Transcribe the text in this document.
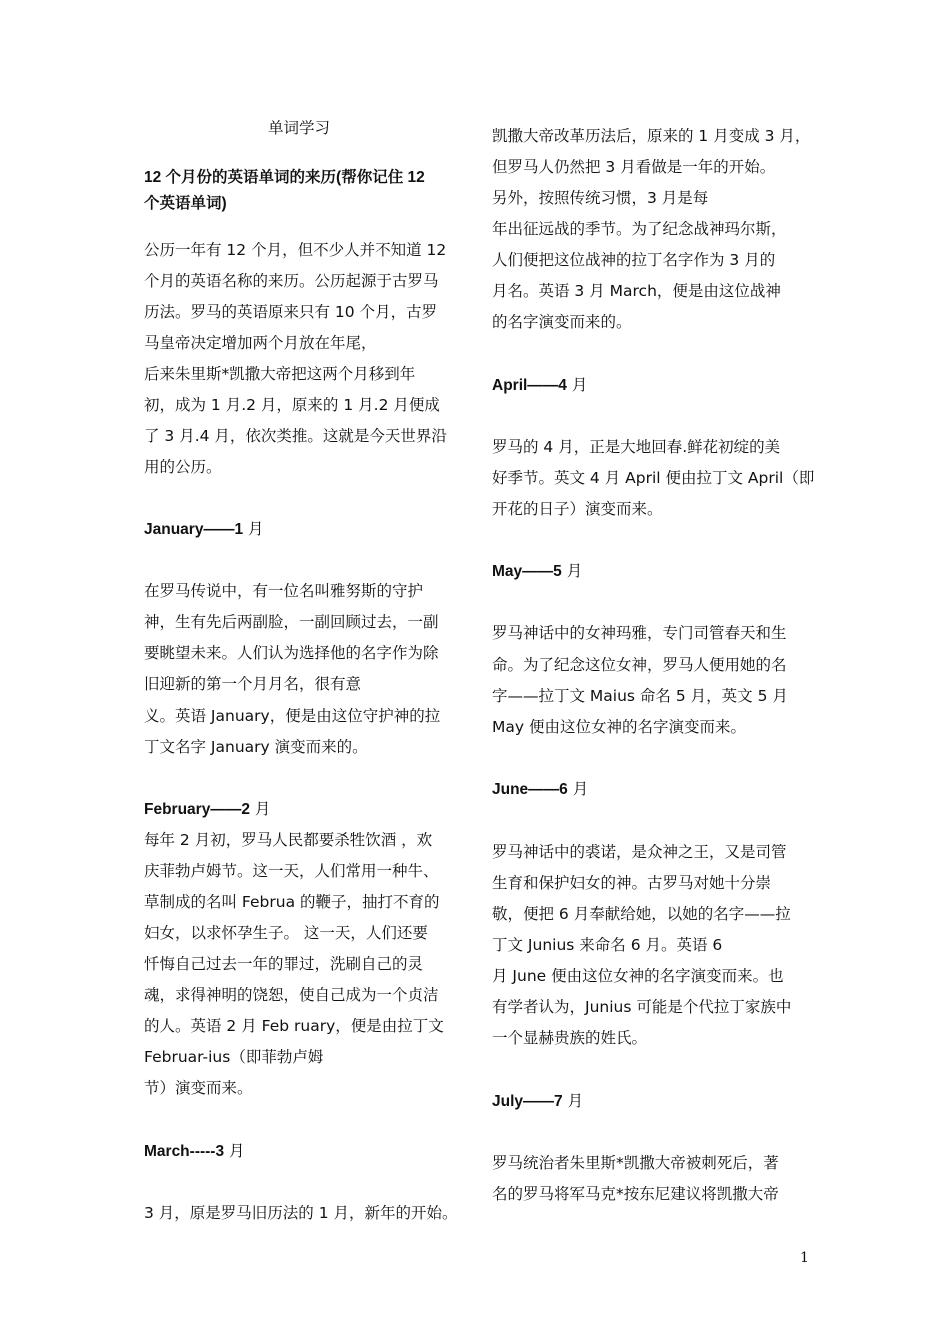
单词学习
12 个月份的英语单词的来历(帮你记住 12
个英语单词)
公历一年有 12 个月，但不少人并不知道 12
个月的英语名称的来历。公历起源于古罗马
历法。罗马的英语原来只有 10 个月，古罗
马皇帝决定增加两个月放在年尾，
后来朱里斯*凯撒大帝把这两个月移到年
初，成为 1 月.2 月，原来的 1 月.2 月便成
了 3 月.4 月，依次类推。这就是今天世界沿
用的公历。
January——1 月
在罗马传说中，有一位名叫雅努斯的守护
神，生有先后两副脸，一副回顾过去，一副
要眺望未来。人们认为选择他的名字作为除
旧迎新的第一个月月名，很有意
义。英语 January，便是由这位守护神的拉
丁文名字 January 演变而来的。
February——2 月
每年 2 月初，罗马人民都要杀牲饮酒 ，欢
庆菲勃卢姆节。这一天，人们常用一种牛、
草制成的名叫 Februa 的鞭子，抽打不育的
妇女，以求怀孕生子。 这一天，人们还要
忏悔自己过去一年的罪过，洗刷自己的灵
魂，求得神明的饶恕，使自己成为一个贞洁
的人。英语 2 月 Feb ruary，便是由拉丁文
Februar-ius（即菲勃卢姆
节）演变而来。
March-----3 月
3 月，原是罗马旧历法的 1 月，新年的开始。
凯撒大帝改革历法后，原来的 1 月变成 3 月，
但罗马人仍然把 3 月看做是一年的开始。
另外，按照传统习惯，3 月是每
年出征远战的季节。为了纪念战神玛尔斯，
人们便把这位战神的拉丁名字作为 3 月的
月名。英语 3 月 March，便是由这位战神
的名字演变而来的。
April——4 月
罗马的 4 月，正是大地回春.鲜花初绽的美
好季节。英文 4 月 April 便由拉丁文 April（即
开花的日子）演变而来。
May——5 月
罗马神话中的女神玛雅，专门司管春天和生
命。为了纪念这位女神，罗马人便用她的名
字——拉丁文 Maius 命名 5 月，英文 5 月
May 便由这位女神的名字演变而来。
June——6 月
罗马神话中的裘诺，是众神之王，又是司管
生育和保护妇女的神。古罗马对她十分崇
敬，便把 6 月奉献给她，以她的名字——拉
丁文 Junius 来命名 6 月。英语 6
月 June 便由这位女神的名字演变而来。也
有学者认为，Junius 可能是个代拉丁家族中
一个显赫贵族的姓氏。
July——7 月
罗马统治者朱里斯*凯撒大帝被刺死后，著
名的罗马将军马克*按东尼建议将凯撒大帝
1
